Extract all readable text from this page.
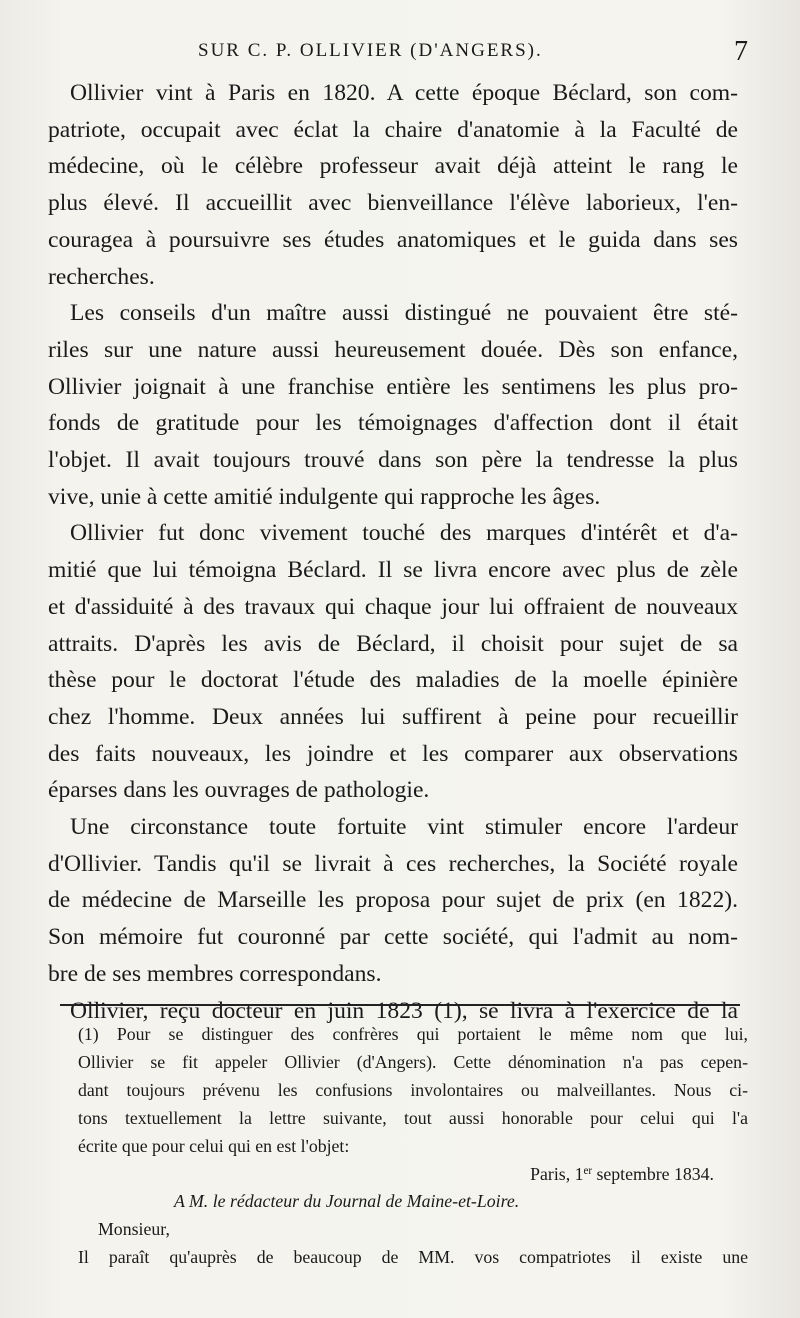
SUR C. P. OLLIVIER (D'ANGERS).	7

Ollivier vint à Paris en 1820. A cette époque Béclard, son com-
patriote, occupait avec éclat la chaire d'anatomie à la Faculté de
médecine, où le célèbre professeur avait déjà atteint le rang le
plus élevé. Il accueillit avec bienveillance l'élève laborieux, l'en-
couragea à poursuivre ses études anatomiques et le guida dans ses
recherches.

Les conseils d'un maître aussi distingué ne pouvaient être sté-
riles sur une nature aussi heureusement douée. Dès son enfance,
Ollivier joignait à une franchise entière les sentimens les plus pro-
fonds de gratitude pour les témoignages d'affection dont il était
l'objet. Il avait toujours trouvé dans son père la tendresse la plus
vive, unie à cette amitié indulgente qui rapproche les âges.

Ollivier fut donc vivement touché des marques d'intérêt et d'a-
mitié que lui témoigna Béclard. Il se livra encore avec plus de zèle
et d'assiduité à des travaux qui chaque jour lui offraient de nouveaux
attraits. D'après les avis de Béclard, il choisit pour sujet de sa
thèse pour le doctorat l'étude des maladies de la moelle épinière
chez l'homme. Deux années lui suffirent à peine pour recueillir
des faits nouveaux, les joindre et les comparer aux observations
éparses dans les ouvrages de pathologie.

Une circonstance toute fortuite vint stimuler encore l'ardeur
d'Ollivier. Tandis qu'il se livrait à ces recherches, la Société royale
de médecine de Marseille les proposa pour sujet de prix (en 1822).
Son mémoire fut couronné par cette société, qui l'admit au nom-
bre de ses membres correspondans.

Ollivier, reçu docteur en juin 1823 (1), se livra à l'exercice de la

(1) Pour se distinguer des confrères qui portaient le même nom que lui,
Ollivier se fit appeler Ollivier (d'Angers). Cette dénomination n'a pas cepen-
dant toujours prévenu les confusions involontaires ou malveillantes. Nous ci-
tons textuellement la lettre suivante, tout aussi honorable pour celui qui l'a
écrite que pour celui qui en est l'objet:
Paris, 1er septembre 1834.
A M. le rédacteur du Journal de Maine-et-Loire.
Monsieur,
Il paraît qu'auprès de beaucoup de MM. vos compatriotes il existe une
